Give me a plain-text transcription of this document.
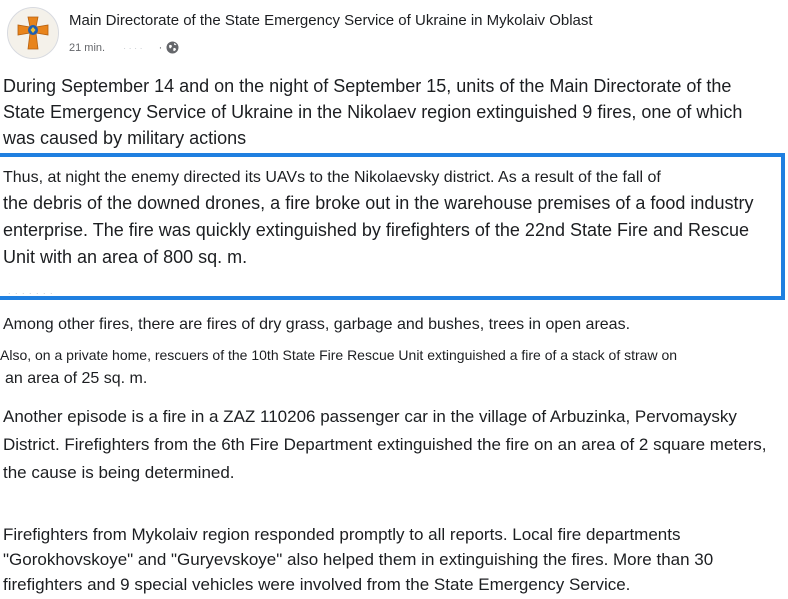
Main Directorate of the State Emergency Service of Ukraine in Mykolaiv Oblast
21 min. · · · · ·

During September 14 and on the night of September 15, units of the Main Directorate of the State Emergency Service of Ukraine in the Nikolaev region extinguished 9 fires, one of which was caused by military actions

Thus, at night the enemy directed its UAVs to the Nikolaevsky district. As a result of the fall of
the debris of the downed drones, a fire broke out in the warehouse premises of a food industry enterprise. The fire was quickly extinguished by firefighters of the 22nd State Fire and Rescue Unit with an area of 800 sq. m.

. . . . . . .

Among other fires, there are fires of dry grass, garbage and bushes, trees in open areas.

Also, on a private home, rescuers of the 10th State Fire Rescue Unit extinguished a fire of a stack of straw on
an area of 25 sq. m.

Another episode is a fire in a ZAZ 110206 passenger car in the village of Arbuzinka, Pervomaysky District. Firefighters from the 6th Fire Department extinguished the fire on an area of 2 square meters, the cause is being determined.

Firefighters from Mykolaiv region responded promptly to all reports. Local fire departments "Gorokhovskoye" and "Guryevskoye" also helped them in extinguishing the fires. More than 30 firefighters and 9 special vehicles were involved from the State Emergency Service.
